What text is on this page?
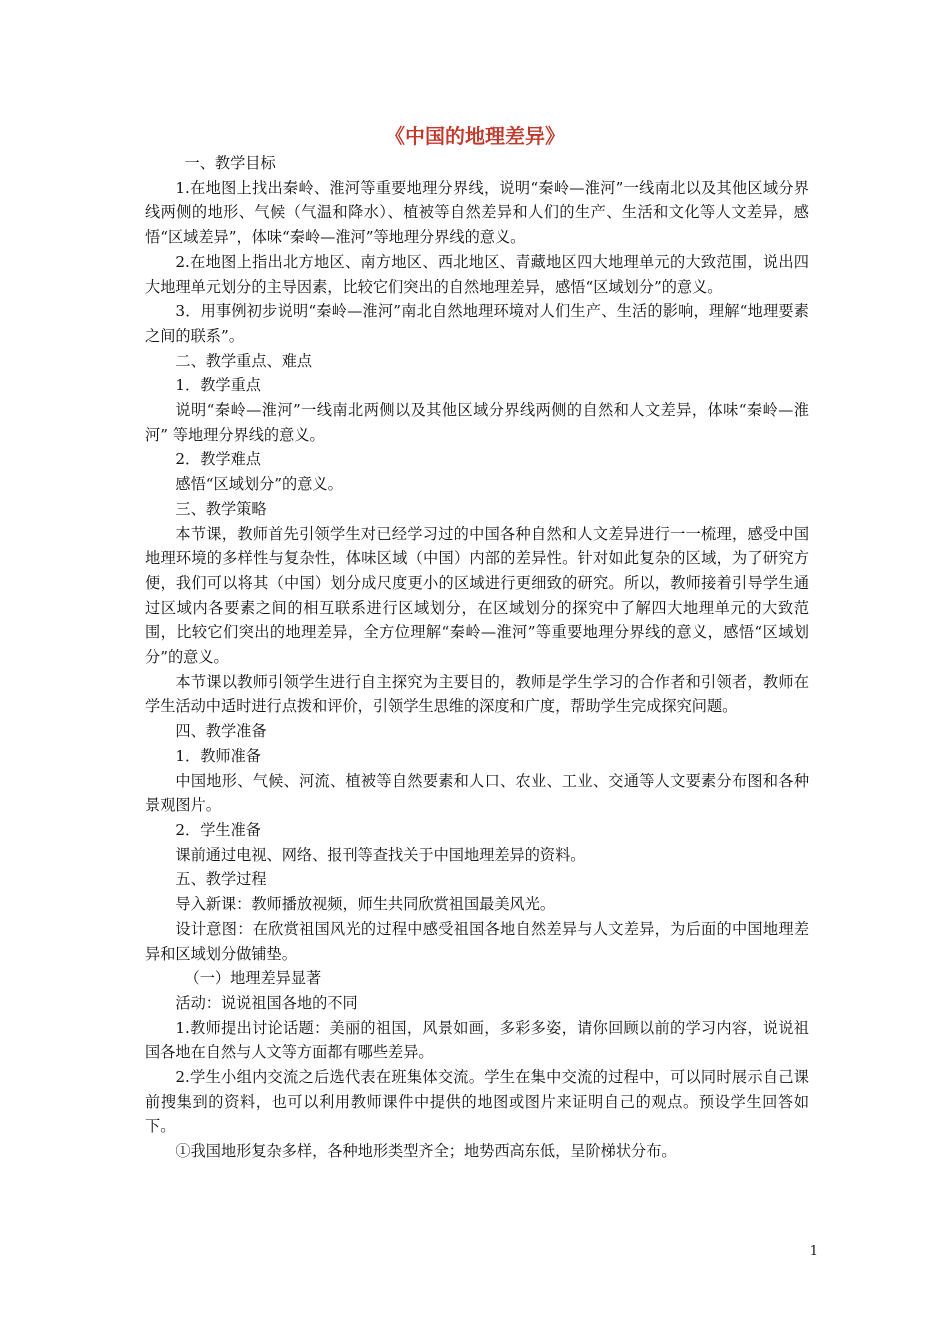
《中国的地理差异》

一、教学目标

1.在地图上找出秦岭、淮河等重要地理分界线，说明“秦岭—淮河”一线南北以及其他区域分界线两侧的地形、气候（气温和降水）、植被等自然差异和人们的生产、生活和文化等人文差异，感悟“区域差异”，体味“秦岭—淮河”等地理分界线的意义。

2.在地图上指出北方地区、南方地区、西北地区、青藏地区四大地理单元的大致范围，说出四大地理单元划分的主导因素，比较它们突出的自然地理差异，感悟“区域划分”的意义。

3．用事例初步说明“秦岭—淮河”南北自然地理环境对人们生产、生活的影响，理解“地理要素之间的联系”。

二、教学重点、难点

1．教学重点

说明“秦岭—淮河”一线南北两侧以及其他区域分界线两侧的自然和人文差异，体味“秦岭—淮河” 等地理分界线的意义。

2．教学难点

感悟“区域划分”的意义。

三、教学策略

本节课，教师首先引领学生对已经学习过的中国各种自然和人文差异进行一一梳理，感受中国地理环境的多样性与复杂性，体味区域（中国）内部的差异性。针对如此复杂的区域，为了研究方便，我们可以将其（中国）划分成尺度更小的区域进行更细致的研究。所以，教师接着引导学生通过区域内各要素之间的相互联系进行区域划分，在区域划分的探究中了解四大地理单元的大致范围，比较它们突出的地理差异，全方位理解“秦岭—淮河”等重要地理分界线的意义，感悟“区域划分”的意义。

本节课以教师引领学生进行自主探究为主要目的，教师是学生学习的合作者和引领者，教师在学生活动中适时进行点拨和评价，引领学生思维的深度和广度，帮助学生完成探究问题。

四、教学准备

1．教师准备

中国地形、气候、河流、植被等自然要素和人口、农业、工业、交通等人文要素分布图和各种景观图片。

2．学生准备

课前通过电视、网络、报刊等查找关于中国地理差异的资料。

五、教学过程

导入新课：教师播放视频，师生共同欣赏祖国最美风光。

设计意图：在欣赏祖国风光的过程中感受祖国各地自然差异与人文差异，为后面的中国地理差异和区域划分做铺垫。

（一）地理差异显著

活动：说说祖国各地的不同

1.教师提出讨论话题：美丽的祖国，风景如画，多彩多姿，请你回顾以前的学习内容，说说祖国各地在自然与人文等方面都有哪些差异。

2.学生小组内交流之后选代表在班集体交流。学生在集中交流的过程中，可以同时展示自己课前搜集到的资料，也可以利用教师课件中提供的地图或图片来证明自己的观点。预设学生回答如下。

①我国地形复杂多样，各种地形类型齐全；地势西高东低，呈阶梯状分布。

1
